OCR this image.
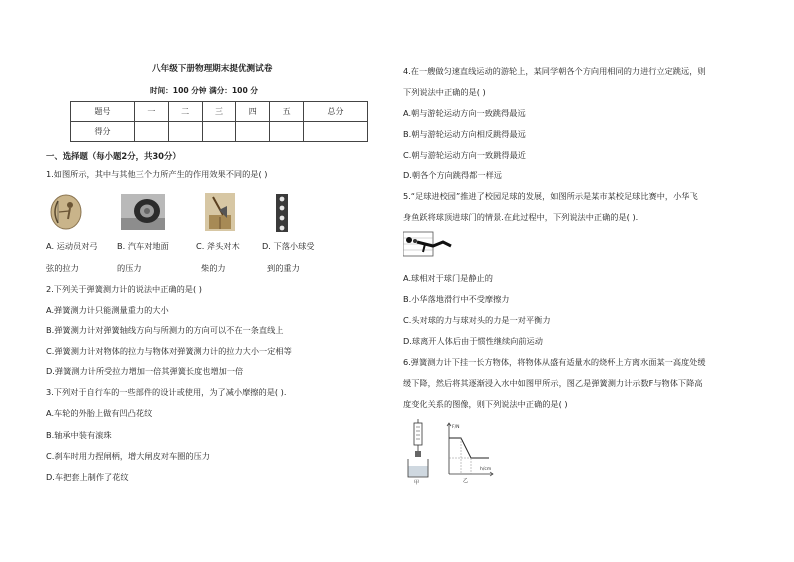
八年级下册物理期末提优测试卷
时间：100 分钟 满分：100 分
题号	一	二	三	四	五	总分
得分						
一、选择题（每小题2分，共30分）
1.如图所示，其中与其他三个力所产生的作用效果不同的是( )
A. 运动员对弓
弦的拉力
B. 汽车对地面
的压力
C. 斧头对木
柴的力
D. 下落小球受
到的重力
2.下列关于弹簧测力计的说法中正确的是( )
A.弹簧测力计只能测量重力的大小
B.弹簧测力计对弹簧轴线方向与所测力的方向可以不在一条直线上
C.弹簧测力计对物体的拉力与物体对弹簧测力计的拉力大小一定相等
D.弹簧测力计所受拉力增加一倍其弹簧长度也增加一倍
3.下列对于自行车的一些部件的设计或使用，为了减小摩擦的是( ).
A.车轮的外胎上做有凹凸花纹
B.轴承中装有滚珠
C.刹车时用力捏闸柄，增大闸皮对车圈的压力
D.车把套上制作了花纹
4.在一艘做匀速直线运动的游轮上，某同学朝各个方向用相同的力进行立定跳远，则
下列说法中正确的是( )
A.朝与游轮运动方向一致跳得最远
B.朝与游轮运动方向相反跳得最远
C.朝与游轮运动方向一致跳得最近
D.朝各个方向跳得都一样远
5.“足球进校园”推进了校园足球的发展，如图所示是某市某校足球比赛中，小华飞
身鱼跃将球顶进球门的情景.在此过程中，下列说法中正确的是( ).
A.球相对于球门是静止的
B.小华落地滑行中不受摩擦力
C.头对球的力与球对头的力是一对平衡力
D.球离开人体后由于惯性继续向前运动
6.弹簧测力计下挂一长方物体，将物体从盛有适量水的烧杯上方离水面某一高度处缓
缓下降，然后将其逐渐浸入水中如图甲所示，图乙是弹簧测力计示数F与物体下降高
度变化关系的图像，则下列说法中正确的是( )
甲
F/N
h/cm
乙
